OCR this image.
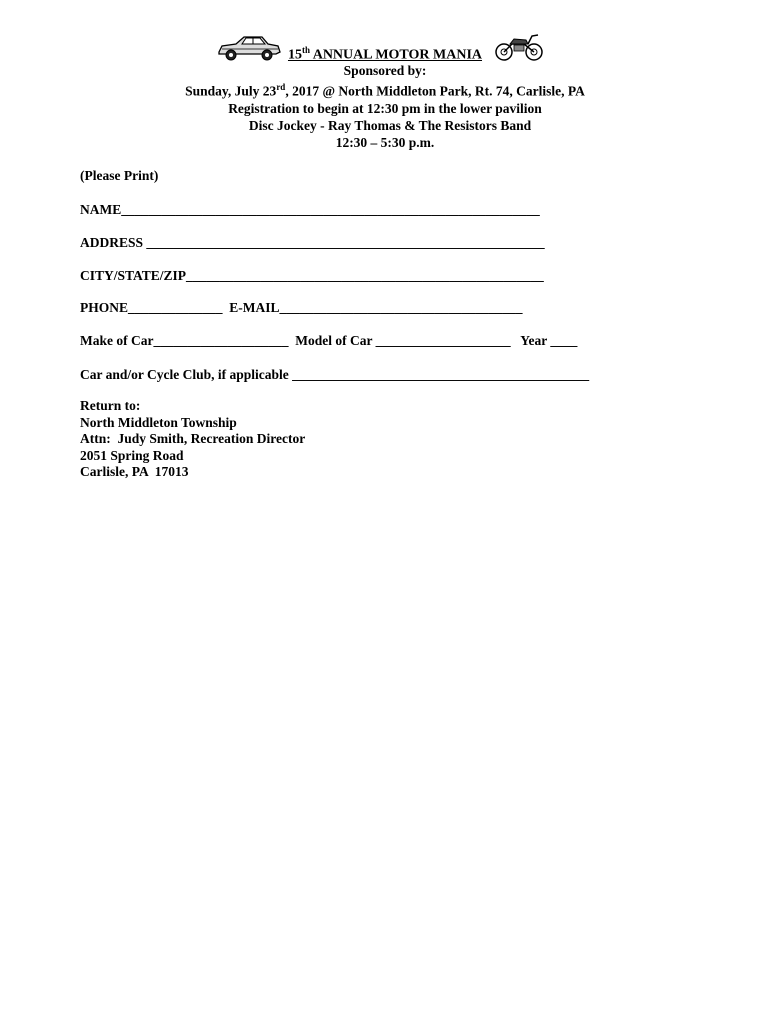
15th ANNUAL MOTOR MANIA
Sponsored by:
Sunday, July 23rd, 2017 @ North Middleton Park, Rt. 74, Carlisle, PA
Registration to begin at 12:30 pm in the lower pavilion
Disc Jockey - Ray Thomas & The Resistors Band
12:30 – 5:30 p.m.
(Please Print)
NAME______________________________________________________________
ADDRESS ___________________________________________________________
CITY/STATE/ZIP_____________________________________________________
PHONE______________  E-MAIL____________________________________
Make of Car____________________  Model of Car ____________________   Year ____
Car and/or Cycle Club, if applicable ____________________________________________
Return to:
North Middleton Township
Attn:  Judy Smith, Recreation Director
2051 Spring Road
Carlisle, PA  17013
